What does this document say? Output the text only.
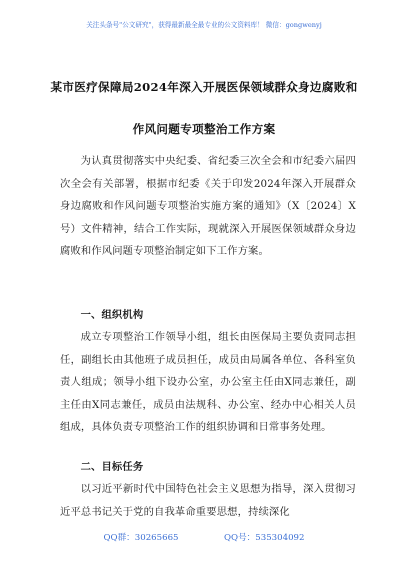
关注头条号"公文研究"，获得最新最全最专业的公文资料库！ 微信：gongwenyj
某市医疗保障局2024年深入开展医保领域群众身边腐败和
作风问题专项整治工作方案
为认真贯彻落实中央纪委、省纪委三次全会和市纪委六届四次全会有关部署，根据市纪委《关于印发2024年深入开展群众身边腐败和作风问题专项整治实施方案的通知》（X〔2024〕X号）文件精神，结合工作实际，现就深入开展医保领域群众身边腐败和作风问题专项整治制定如下工作方案。
一、组织机构
成立专项整治工作领导小组，组长由医保局主要负责同志担任，副组长由其他班子成员担任，成员由局属各单位、各科室负责人组成；领导小组下设办公室，办公室主任由X同志兼任，副主任由X同志兼任，成员由法规科、办公室、经办中心相关人员组成，具体负责专项整治工作的组织协调和日常事务处理。
二、目标任务
以习近平新时代中国特色社会主义思想为指导，深入贯彻习近平总书记关于党的自我革命重要思想，持续深化
QQ群：30265665	QQ号：535304092
